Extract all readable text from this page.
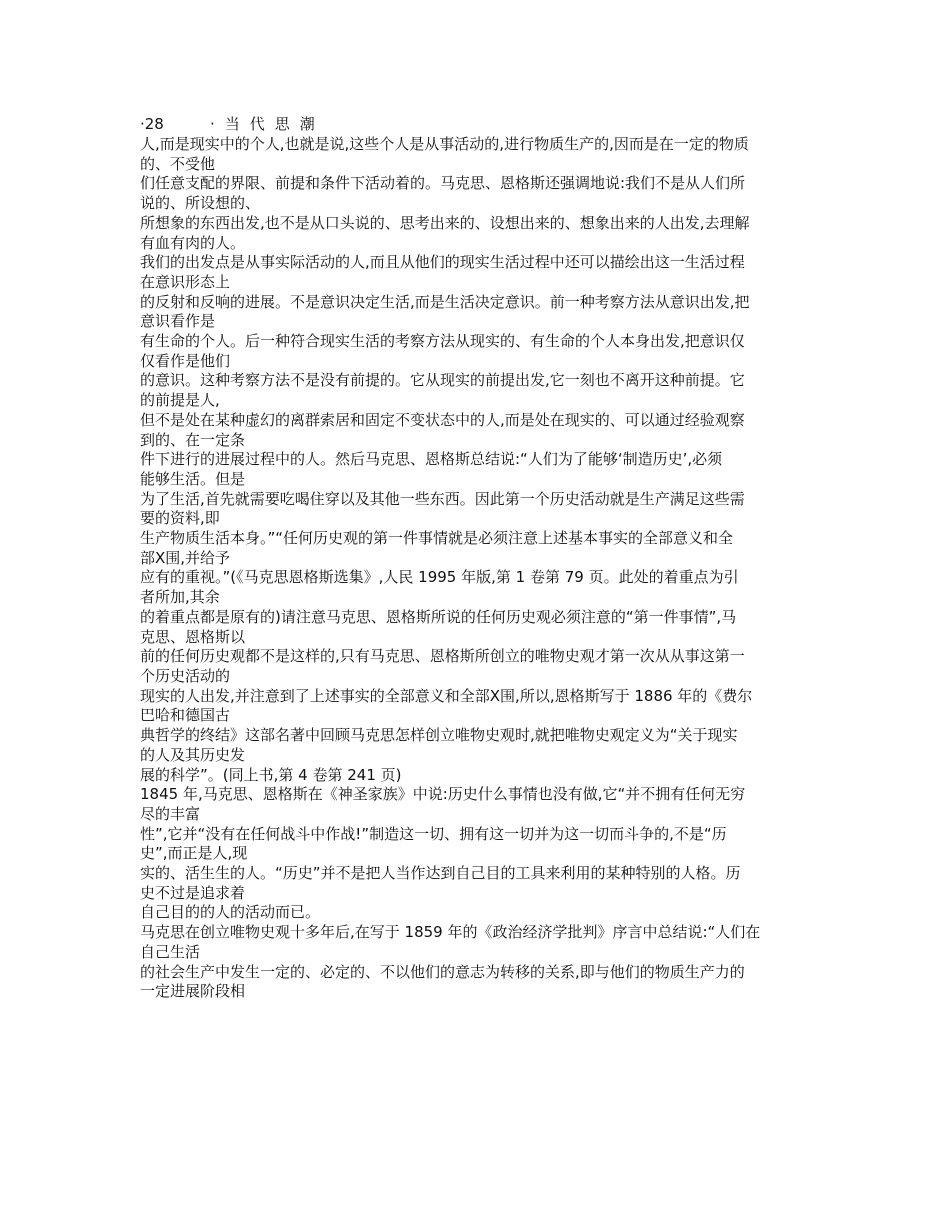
·28	·当代思潮
人,而是现实中的个人,也就是说,这些个人是从事活动的,进行物质生产的,因而是在一定的物质
的、不受他
们任意支配的界限、前提和条件下活动着的。马克思、恩格斯还强调地说:我们不是从人们所
说的、所设想的、
所想象的东西出发,也不是从口头说的、思考出来的、设想出来的、想象出来的人出发,去理解
有血有肉的人。
我们的出发点是从事实际活动的人,而且从他们的现实生活过程中还可以描绘出这一生活过程
在意识形态上
的反射和反响的进展。不是意识决定生活,而是生活决定意识。前一种考察方法从意识出发,把
意识看作是
有生命的个人。后一种符合现实生活的考察方法从现实的、有生命的个人本身出发,把意识仅
仅看作是他们
的意识。这种考察方法不是没有前提的。它从现实的前提出发,它一刻也不离开这种前提。它
的前提是人,
但不是处在某种虚幻的离群索居和固定不变状态中的人,而是处在现实的、可以通过经验观察
到的、在一定条
件下进行的进展过程中的人。然后马克思、恩格斯总结说:“人们为了能够‘制造历史’,必须
能够生活。但是
为了生活,首先就需要吃喝住穿以及其他一些东西。因此第一个历史活动就是生产满足这些需
要的资料,即
生产物质生活本身。”“任何历史观的第一件事情就是必须注意上述基本事实的全部意义和全
部Ⅹ围,并给予
应有的重视。”(《马克思恩格斯选集》,人民 1995 年版,第 1 卷第 79 页。此处的着重点为引
者所加,其余
的着重点都是原有的)请注意马克思、恩格斯所说的任何历史观必须注意的“第一件事情”,马
克思、恩格斯以
前的任何历史观都不是这样的,只有马克思、恩格斯所创立的唯物史观才第一次从从事这第一
个历史活动的
现实的人出发,并注意到了上述事实的全部意义和全部Ⅹ围,所以,恩格斯写于 1886 年的《费尔
巴哈和德国古
典哲学的终结》这部名著中回顾马克思怎样创立唯物史观时,就把唯物史观定义为“关于现实
的人及其历史发
展的科学”。(同上书,第 4 卷第 241 页)
1845 年,马克思、恩格斯在《神圣家族》中说:历史什么事情也没有做,它“并不拥有任何无穷
尽的丰富
性”,它并“没有在任何战斗中作战!”制造这一切、拥有这一切并为这一切而斗争的,不是“历
史”,而正是人,现
实的、活生生的人。“历史”并不是把人当作达到自己目的工具来利用的某种特别的人格。历
史不过是追求着
自己目的的人的活动而已。
马克思在创立唯物史观十多年后,在写于 1859 年的《政治经济学批判》序言中总结说:“人们在
自己生活
的社会生产中发生一定的、必定的、不以他们的意志为转移的关系,即与他们的物质生产力的
一定进展阶段相
